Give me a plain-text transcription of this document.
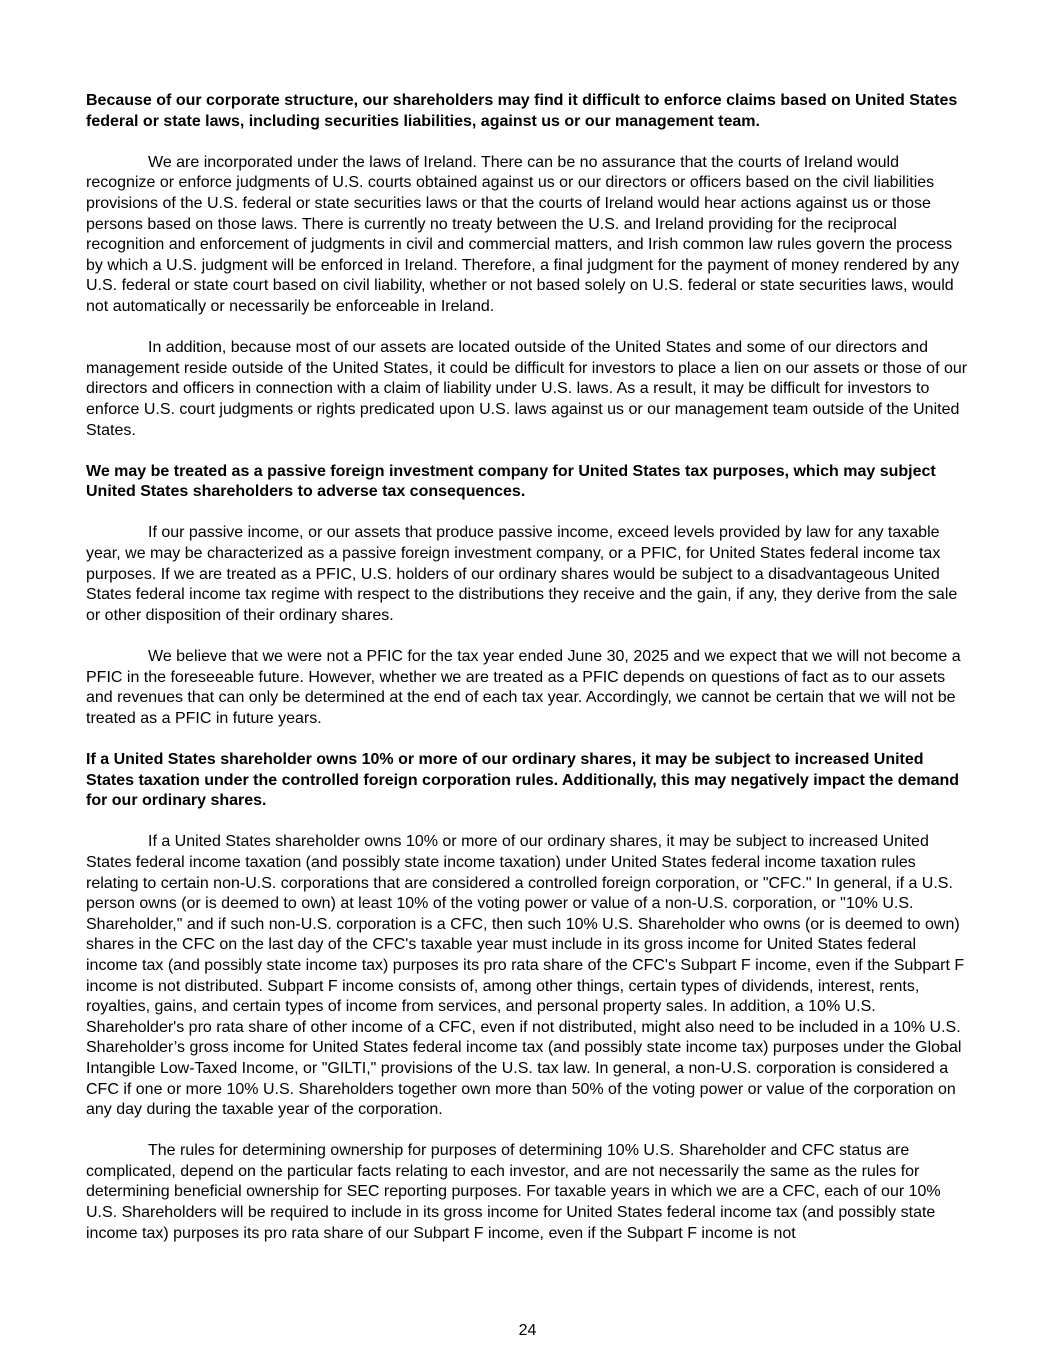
Because of our corporate structure, our shareholders may find it difficult to enforce claims based on United States federal or state laws, including securities liabilities, against us or our management team.

We are incorporated under the laws of Ireland. There can be no assurance that the courts of Ireland would recognize or enforce judgments of U.S. courts obtained against us or our directors or officers based on the civil liabilities provisions of the U.S. federal or state securities laws or that the courts of Ireland would hear actions against us or those persons based on those laws. There is currently no treaty between the U.S. and Ireland providing for the reciprocal recognition and enforcement of judgments in civil and commercial matters, and Irish common law rules govern the process by which a U.S. judgment will be enforced in Ireland. Therefore, a final judgment for the payment of money rendered by any U.S. federal or state court based on civil liability, whether or not based solely on U.S. federal or state securities laws, would not automatically or necessarily be enforceable in Ireland.

In addition, because most of our assets are located outside of the United States and some of our directors and management reside outside of the United States, it could be difficult for investors to place a lien on our assets or those of our directors and officers in connection with a claim of liability under U.S. laws. As a result, it may be difficult for investors to enforce U.S. court judgments or rights predicated upon U.S. laws against us or our management team outside of the United States.

We may be treated as a passive foreign investment company for United States tax purposes, which may subject United States shareholders to adverse tax consequences.

If our passive income, or our assets that produce passive income, exceed levels provided by law for any taxable year, we may be characterized as a passive foreign investment company, or a PFIC, for United States federal income tax purposes. If we are treated as a PFIC, U.S. holders of our ordinary shares would be subject to a disadvantageous United States federal income tax regime with respect to the distributions they receive and the gain, if any, they derive from the sale or other disposition of their ordinary shares.

We believe that we were not a PFIC for the tax year ended June 30, 2025 and we expect that we will not become a PFIC in the foreseeable future. However, whether we are treated as a PFIC depends on questions of fact as to our assets and revenues that can only be determined at the end of each tax year. Accordingly, we cannot be certain that we will not be treated as a PFIC in future years.

If a United States shareholder owns 10% or more of our ordinary shares, it may be subject to increased United States taxation under the controlled foreign corporation rules. Additionally, this may negatively impact the demand for our ordinary shares.

If a United States shareholder owns 10% or more of our ordinary shares, it may be subject to increased United States federal income taxation (and possibly state income taxation) under United States federal income taxation rules relating to certain non-U.S. corporations that are considered a controlled foreign corporation, or "CFC." In general, if a U.S. person owns (or is deemed to own) at least 10% of the voting power or value of a non-U.S. corporation, or "10% U.S. Shareholder," and if such non-U.S. corporation is a CFC, then such 10% U.S. Shareholder who owns (or is deemed to own) shares in the CFC on the last day of the CFC's taxable year must include in its gross income for United States federal income tax (and possibly state income tax) purposes its pro rata share of the CFC's Subpart F income, even if the Subpart F income is not distributed. Subpart F income consists of, among other things, certain types of dividends, interest, rents, royalties, gains, and certain types of income from services, and personal property sales. In addition, a 10% U.S. Shareholder's pro rata share of other income of a CFC, even if not distributed, might also need to be included in a 10% U.S. Shareholder’s gross income for United States federal income tax (and possibly state income tax) purposes under the Global Intangible Low-Taxed Income, or "GILTI," provisions of the U.S. tax law. In general, a non-U.S. corporation is considered a CFC if one or more 10% U.S. Shareholders together own more than 50% of the voting power or value of the corporation on any day during the taxable year of the corporation.

The rules for determining ownership for purposes of determining 10% U.S. Shareholder and CFC status are complicated, depend on the particular facts relating to each investor, and are not necessarily the same as the rules for determining beneficial ownership for SEC reporting purposes. For taxable years in which we are a CFC, each of our 10% U.S. Shareholders will be required to include in its gross income for United States federal income tax (and possibly state income tax) purposes its pro rata share of our Subpart F income, even if the Subpart F income is not

24
